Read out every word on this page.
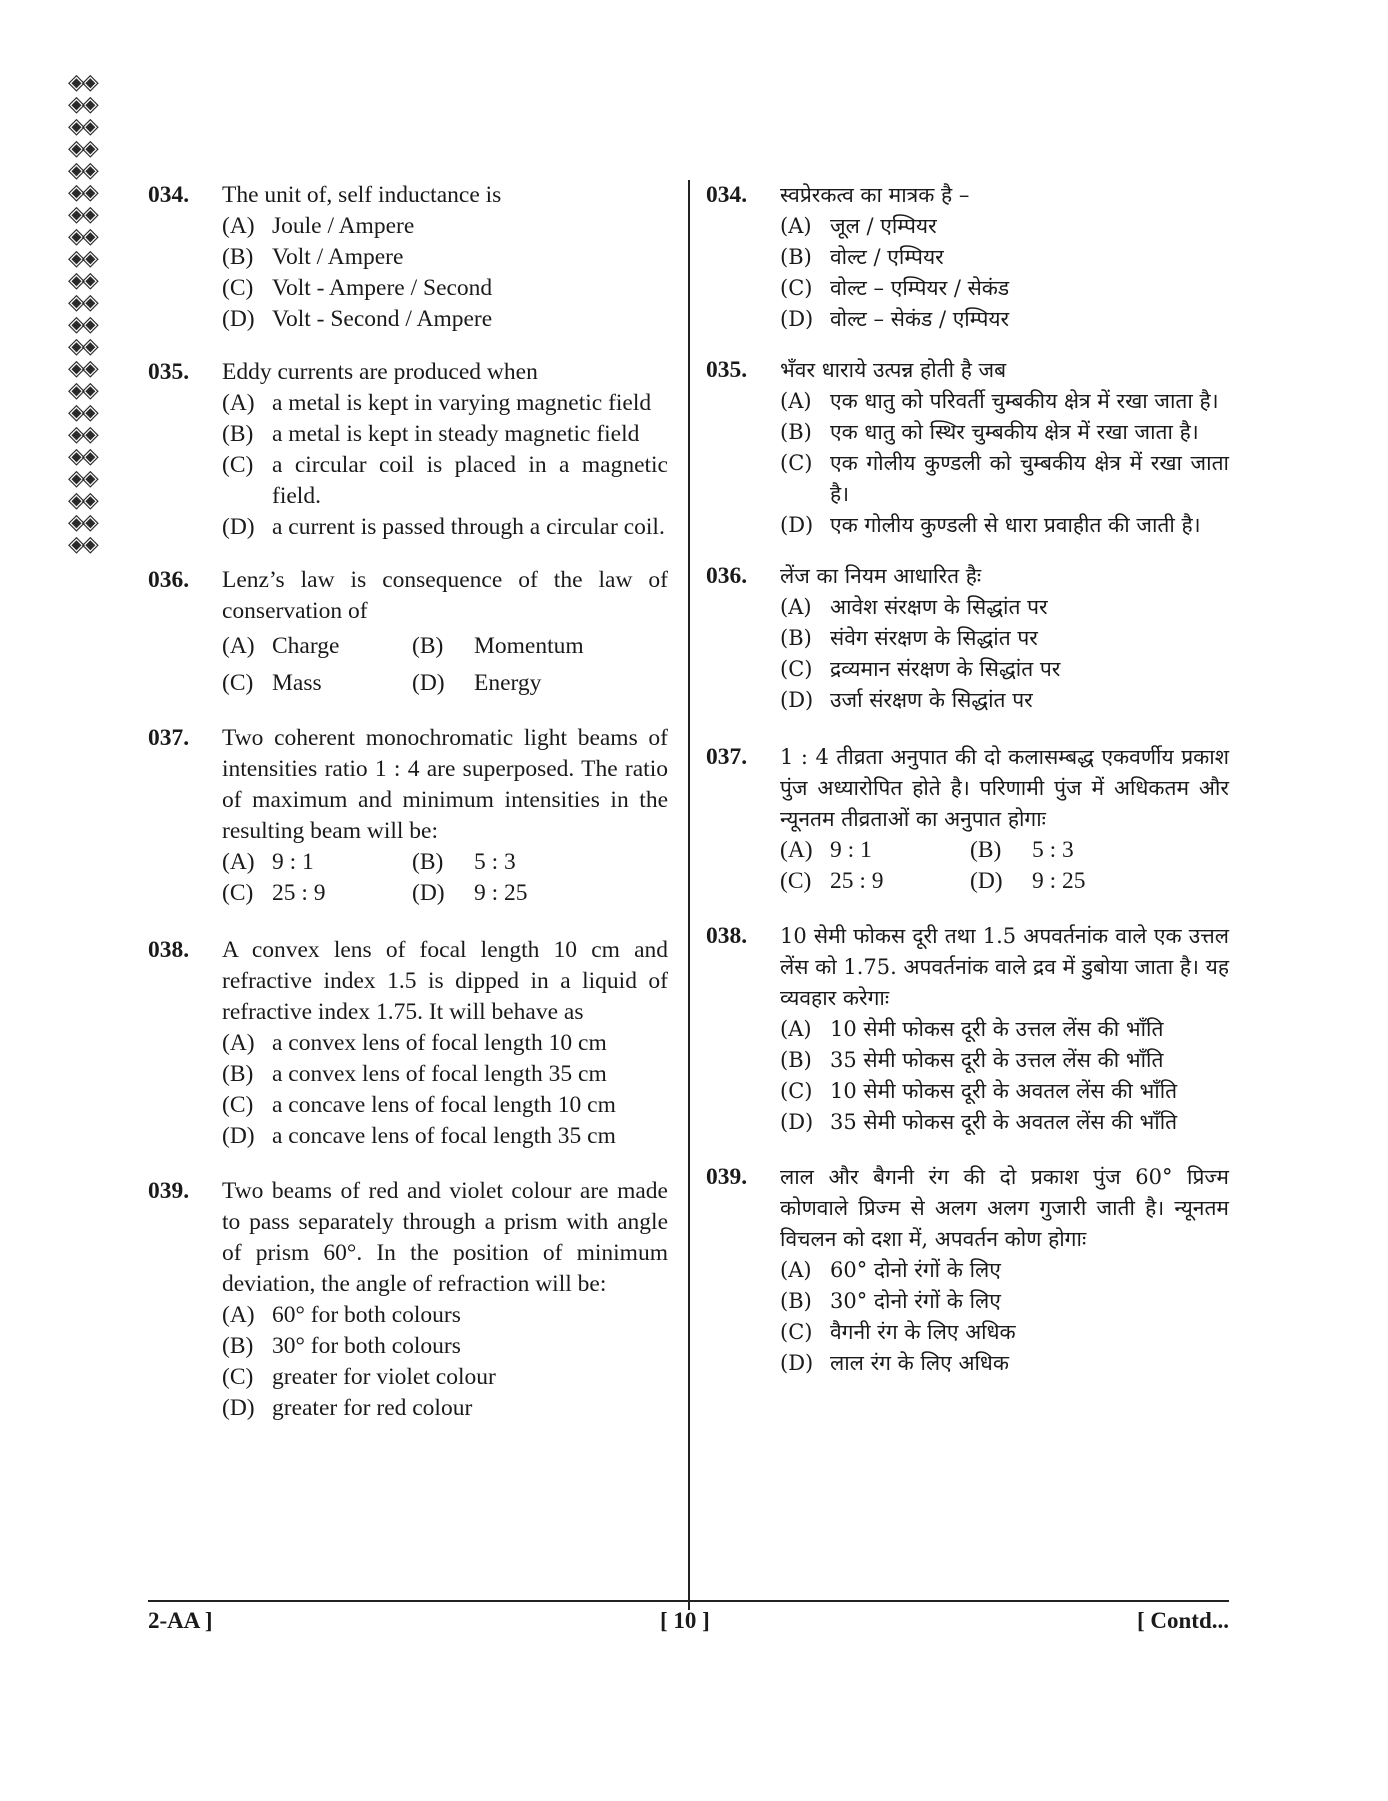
◈◈
◈◈
◈◈
◈◈
◈◈
◈◈
◈◈
◈◈
◈◈
◈◈
◈◈
◈◈
◈◈
◈◈
◈◈
◈◈
◈◈
◈◈
◈◈
◈◈
◈◈
◈◈
034.	The unit of, self inductance is
(A) Joule / Ampere
(B) Volt / Ampere
(C) Volt - Ampere / Second
(D) Volt - Second / Ampere
035.	Eddy currents are produced when
(A) a metal is kept in varying magnetic field
(B) a metal is kept in steady magnetic field
(C) a circular coil is placed in a magnetic field.
(D) a current is passed through a circular coil.
036.	Lenz’s law is consequence of the law of conservation of
(A) Charge	(B)	Momentum
(C) Mass	(D)	Energy
037.	Two coherent monochromatic light beams of intensities ratio 1 : 4 are superposed. The ratio of maximum and minimum intensities in the resulting beam will be:
(A) 9 : 1	(B)	5 : 3
(C) 25 : 9	(D)	9 : 25
038.	A convex lens of focal length 10 cm and refractive index 1.5 is dipped in a liquid of refractive index 1.75. It will behave as
(A) a convex lens of focal length 10 cm
(B) a convex lens of focal length 35 cm
(C) a concave lens of focal length 10 cm
(D) a concave lens of focal length 35 cm
039.	Two beams of red and violet colour are made to pass separately through a prism with angle of prism 60°. In the position of minimum deviation, the angle of refraction will be:
(A) 60° for both colours
(B) 30° for both colours
(C) greater for violet colour
(D) greater for red colour
034.	स्वप्रेरकत्व का मात्रक है –
(A) जूल / एम्पियर
(B) वोल्ट / एम्पियर
(C) वोल्ट – एम्पियर / सेकंड
(D) वोल्ट – सेकंड / एम्पियर
035.	भँवर धाराये उत्पन्न होती है जब
(A) एक धातु को परिवर्ती चुम्बकीय क्षेत्र में रखा जाता है।
(B) एक धातु को स्थिर चुम्बकीय क्षेत्र में रखा जाता है।
(C) एक गोलीय कुण्डली को चुम्बकीय क्षेत्र में रखा जाता है।
(D) एक गोलीय कुण्डली से धारा प्रवाहीत की जाती है।
036.	लेंज का नियम आधारित हैः
(A) आवेश संरक्षण के सिद्धांत पर
(B) संवेग संरक्षण के सिद्धांत पर
(C) द्रव्यमान संरक्षण के सिद्धांत पर
(D) उर्जा संरक्षण के सिद्धांत पर
037.	1 : 4 तीव्रता अनुपात की दो कलासम्बद्ध एकवर्णीय प्रकाश पुंज अध्यारोपित होते है। परिणामी पुंज में अधिकतम और न्यूनतम तीव्रताओं का अनुपात होगाः
(A) 9 : 1	(B)	5 : 3
(C) 25 : 9	(D)	9 : 25
038.	10 सेमी फोकस दूरी तथा 1.5 अपवर्तनांक वाले एक उत्तल लेंस को 1.75. अपवर्तनांक वाले द्रव में डुबोया जाता है। यह व्यवहार करेगाः
(A) 10 सेमी फोकस दूरी के उत्तल लेंस की भाँति
(B) 35 सेमी फोकस दूरी के उत्तल लेंस की भाँति
(C) 10 सेमी फोकस दूरी के अवतल लेंस की भाँति
(D) 35 सेमी फोकस दूरी के अवतल लेंस की भाँति
039.	लाल और बैगनी रंग की दो प्रकाश पुंज 60° प्रिज्म कोणवाले प्रिज्म से अलग अलग गुजारी जाती है। न्यूनतम विचलन को दशा में, अपवर्तन कोण होगाः
(A) 60° दोनो रंगों के लिए
(B) 30° दोनो रंगों के लिए
(C) वैगनी रंग के लिए अधिक
(D) लाल रंग के लिए अधिक
2-AA ]	[ 10 ]	[ Contd...
